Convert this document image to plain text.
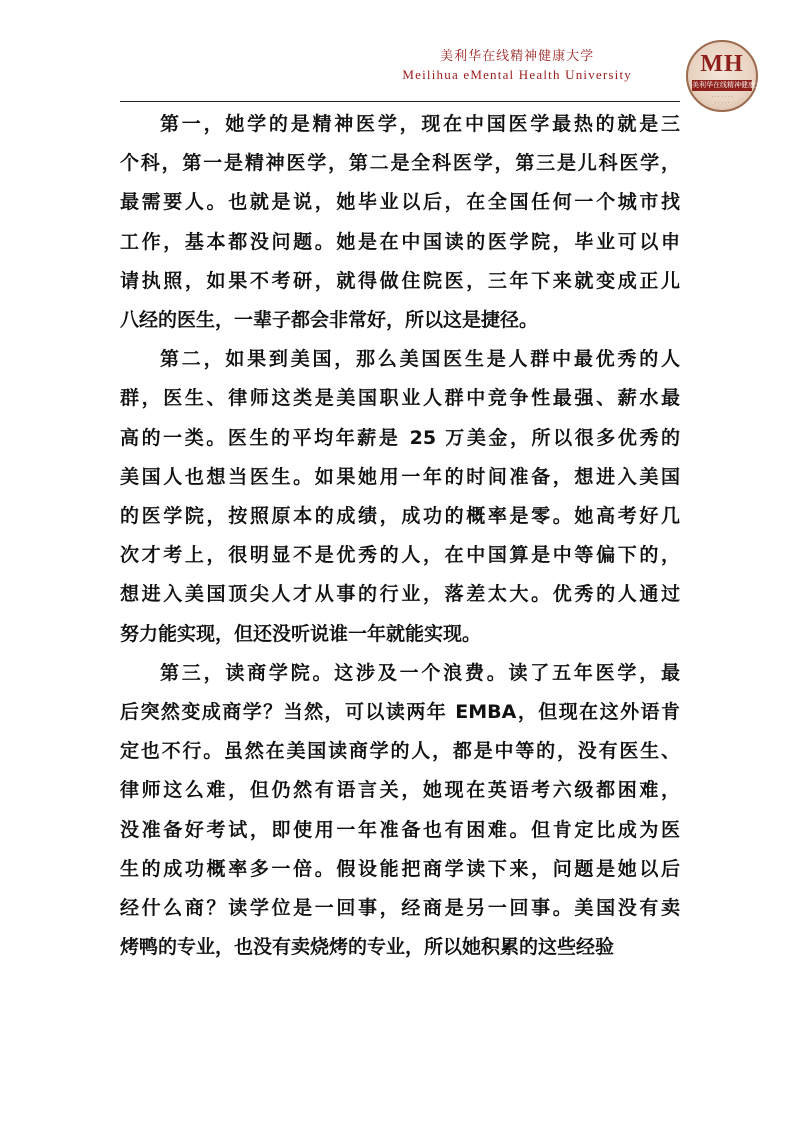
美利华在线精神健康大学
Meilihua eMental Health University	MH
美利华在线精神健康大学
· · · · · · ·
· · · · ·
第一，她学的是精神医学，现在中国医学最热的就是三
个科，第一是精神医学，第二是全科医学，第三是儿科医学，
最需要人。也就是说，她毕业以后，在全国任何一个城市找
工作，基本都没问题。她是在中国读的医学院，毕业可以申
请执照，如果不考研，就得做住院医，三年下来就变成正儿
八经的医生，一辈子都会非常好，所以这是捷径。
第二，如果到美国，那么美国医生是人群中最优秀的人
群，医生、律师这类是美国职业人群中竞争性最强、薪水最
高的一类。医生的平均年薪是 25 万美金，所以很多优秀的
美国人也想当医生。如果她用一年的时间准备，想进入美国
的医学院，按照原本的成绩，成功的概率是零。她高考好几
次才考上，很明显不是优秀的人，在中国算是中等偏下的，
想进入美国顶尖人才从事的行业，落差太大。优秀的人通过
努力能实现，但还没听说谁一年就能实现。
第三，读商学院。这涉及一个浪费。读了五年医学，最
后突然变成商学？当然，可以读两年 EMBA，但现在这外语肯
定也不行。虽然在美国读商学的人，都是中等的，没有医生、
律师这么难，但仍然有语言关，她现在英语考六级都困难，
没准备好考试，即使用一年准备也有困难。但肯定比成为医
生的成功概率多一倍。假设能把商学读下来，问题是她以后
经什么商？读学位是一回事，经商是另一回事。美国没有卖
烤鸭的专业，也没有卖烧烤的专业，所以她积累的这些经验
